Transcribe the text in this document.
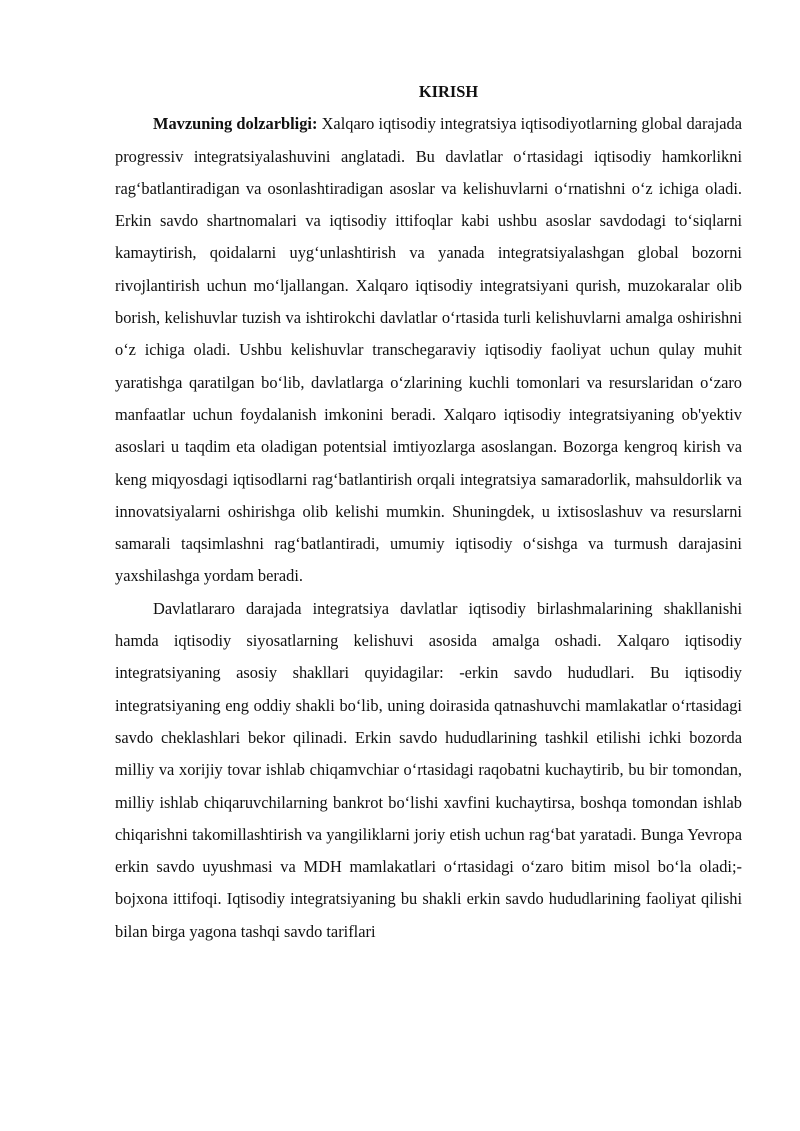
KIRISH

Mavzuning dolzarbligi: Xalqaro iqtisodiy integratsiya iqtisodiyotlarning global darajada progressiv integratsiyalashuvini anglatadi. Bu davlatlar o‘rtasidagi iqtisodiy hamkorlikni rag‘batlantiradigan va osonlashtiradigan asoslar va kelishuvlarni o‘rnatishni o‘z ichiga oladi. Erkin savdo shartnomalari va iqtisodiy ittifoqlar kabi ushbu asoslar savdodagi to‘siqlarni kamaytirish, qoidalarni uyg‘unlashtirish va yanada integratsiyalashgan global bozorni rivojlantirish uchun mo‘ljallangan. Xalqaro iqtisodiy integratsiyani qurish, muzokaralar olib borish, kelishuvlar tuzish va ishtirokchi davlatlar o‘rtasida turli kelishuvlarni amalga oshirishni o‘z ichiga oladi. Ushbu kelishuvlar transchegaraviy iqtisodiy faoliyat uchun qulay muhit yaratishga qaratilgan bo‘lib, davlatlarga o‘zlarining kuchli tomonlari va resurslaridan o‘zaro manfaatlar uchun foydalanish imkonini beradi. Xalqaro iqtisodiy integratsiyaning ob'yektiv asoslari u taqdim eta oladigan potentsial imtiyozlarga asoslangan. Bozorga kengroq kirish va keng miqyosdagi iqtisodlarni rag‘batlantirish orqali integratsiya samaradorlik, mahsuldorlik va innovatsiyalarni oshirishga olib kelishi mumkin. Shuningdek, u ixtisoslashuv va resurslarni samarali taqsimlashni rag‘batlantiradi, umumiy iqtisodiy o‘sishga va turmush darajasini yaxshilashga yordam beradi.

Davlatlararo darajada integratsiya davlatlar iqtisodiy birlashmalarining shakllanishi hamda iqtisodiy siyosatlarning kelishuvi asosida amalga oshadi. Xalqaro iqtisodiy integratsiyaning asosiy shakllari quyidagilar: -erkin savdo hududlari. Bu iqtisodiy integratsiyaning eng oddiy shakli bo‘lib, uning doirasida qatnashuvchi mamlakatlar o‘rtasidagi savdo cheklashlari bekor qilinadi. Erkin savdo hududlarining tashkil etilishi ichki bozorda milliy va xorijiy tovar ishlab chiqamvchiar o‘rtasidagi raqobatni kuchaytirib, bu bir tomondan, milliy ishlab chiqaruvchilarning bankrot bo‘lishi xavfini kuchaytirsa, boshqa tomondan ishlab chiqarishni takomillashtirish va yangiliklarni joriy etish uchun rag‘bat yaratadi. Bunga Yevropa erkin savdo uyushmasi va MDH mamlakatlari o‘rtasidagi o‘zaro bitim misol bo‘la oladi;-bojxona ittifoqi. Iqtisodiy integratsiyaning bu shakli erkin savdo hududlarining faoliyat qilishi bilan birga yagona tashqi savdo tariflari
